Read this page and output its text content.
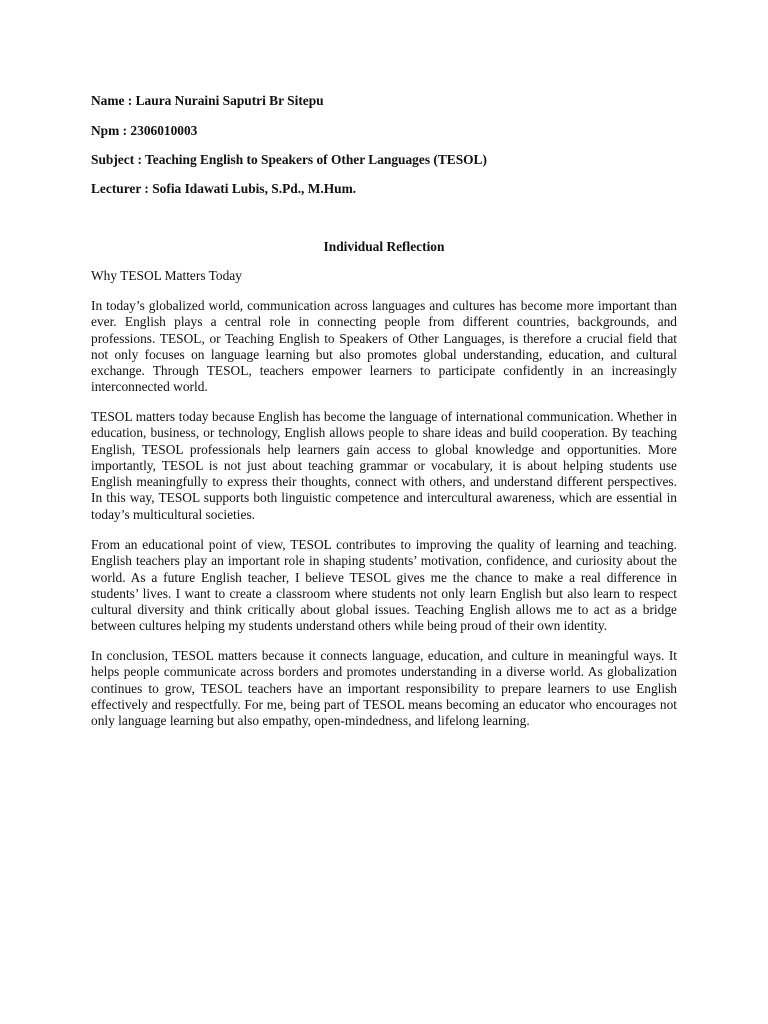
Name : Laura Nuraini Saputri Br Sitepu
Npm : 2306010003
Subject : Teaching English to Speakers of Other Languages (TESOL)
Lecturer : Sofia Idawati Lubis, S.Pd., M.Hum.
Individual Reflection
Why TESOL Matters Today

In today’s globalized world, communication across languages and cultures has become more important than ever. English plays a central role in connecting people from different countries, backgrounds, and professions. TESOL, or Teaching English to Speakers of Other Languages, is therefore a crucial field that not only focuses on language learning but also promotes global understanding, education, and cultural exchange. Through TESOL, teachers empower learners to participate confidently in an increasingly interconnected world.

TESOL matters today because English has become the language of international communication. Whether in education, business, or technology, English allows people to share ideas and build cooperation. By teaching English, TESOL professionals help learners gain access to global knowledge and opportunities. More importantly, TESOL is not just about teaching grammar or vocabulary, it is about helping students use English meaningfully to express their thoughts, connect with others, and understand different perspectives. In this way, TESOL supports both linguistic competence and intercultural awareness, which are essential in today’s multicultural societies.

From an educational point of view, TESOL contributes to improving the quality of learning and teaching. English teachers play an important role in shaping students’ motivation, confidence, and curiosity about the world. As a future English teacher, I believe TESOL gives me the chance to make a real difference in students’ lives. I want to create a classroom where students not only learn English but also learn to respect cultural diversity and think critically about global issues. Teaching English allows me to act as a bridge between cultures helping my students understand others while being proud of their own identity.

In conclusion, TESOL matters because it connects language, education, and culture in meaningful ways. It helps people communicate across borders and promotes understanding in a diverse world. As globalization continues to grow, TESOL teachers have an important responsibility to prepare learners to use English effectively and respectfully. For me, being part of TESOL means becoming an educator who encourages not only language learning but also empathy, open-mindedness, and lifelong learning.
